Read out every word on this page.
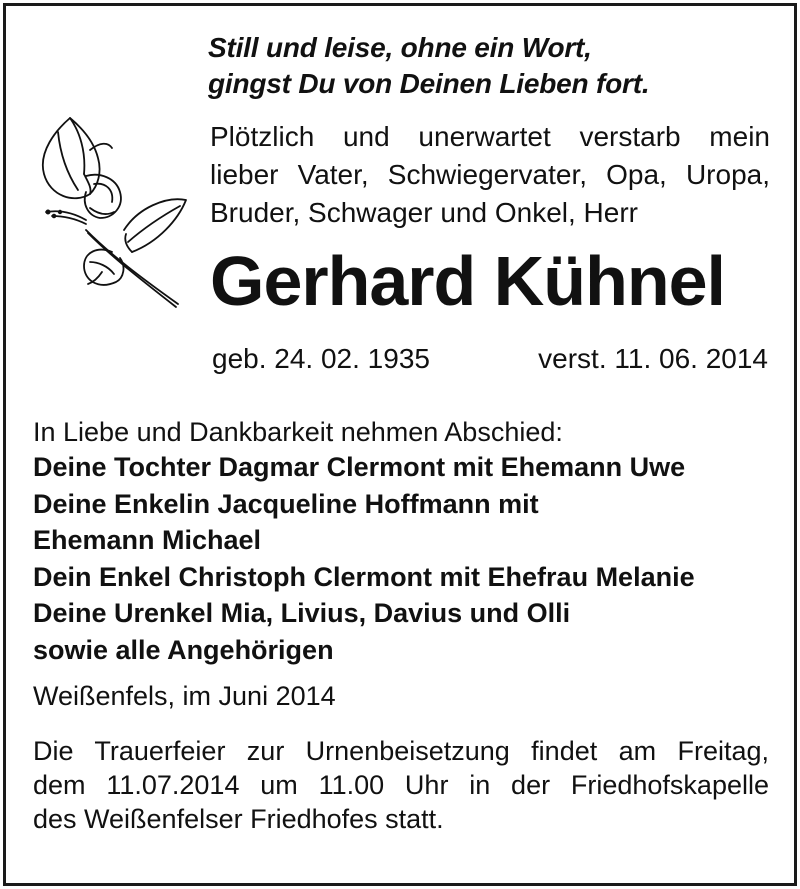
Still und leise, ohne ein Wort,
gingst Du von Deinen Lieben fort.
Plötzlich und unerwartet verstarb mein
lieber Vater, Schwiegervater, Opa, Uropa,
Bruder, Schwager und Onkel, Herr
Gerhard Kühnel
geb. 24. 02. 1935	verst. 11. 06. 2014
In Liebe und Dankbarkeit nehmen Abschied:
Deine Tochter Dagmar Clermont mit Ehemann Uwe
Deine Enkelin Jacqueline Hoffmann mit
Ehemann Michael
Dein Enkel Christoph Clermont mit Ehefrau Melanie
Deine Urenkel Mia, Livius, Davius und Olli
sowie alle Angehörigen
Weißenfels, im Juni 2014
Die Trauerfeier zur Urnenbeisetzung findet am Freitag,
dem 11.07.2014 um 11.00 Uhr in der Friedhofskapelle
des Weißenfelser Friedhofes statt.
